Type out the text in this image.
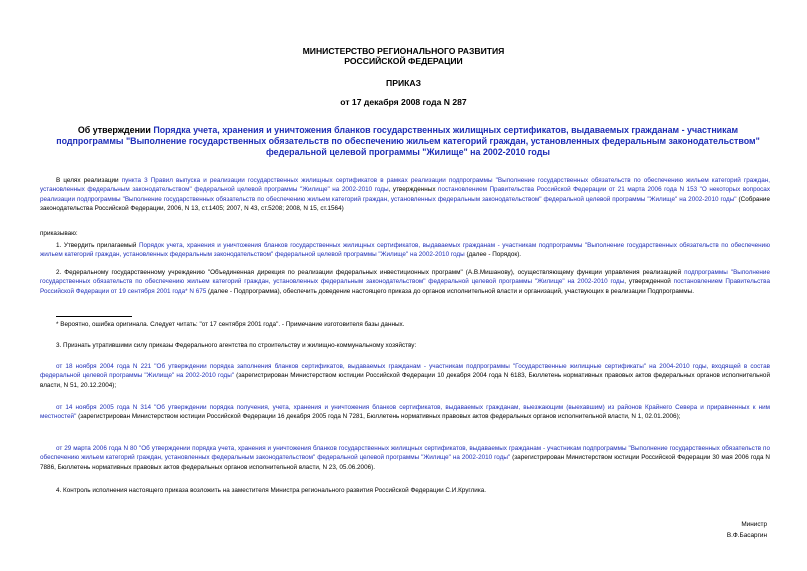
МИНИСТЕРСТВО РЕГИОНАЛЬНОГО РАЗВИТИЯ
РОССИЙСКОЙ ФЕДЕРАЦИИ
ПРИКАЗ
от 17 декабря 2008 года N 287
Об утверждении Порядка учета, хранения и уничтожения бланков государственных жилищных сертификатов, выдаваемых гражданам - участникам подпрограммы "Выполнение государственных обязательств по обеспечению жильем категорий граждан, установленных федеральным законодательством" федеральной целевой программы "Жилище" на 2002-2010 годы
В целях реализации пункта 3 Правил выпуска и реализации государственных жилищных сертификатов в рамках реализации подпрограммы "Выполнение государственных обязательств по обеспечению жильем категорий граждан, установленных федеральным законодательством" федеральной целевой программы "Жилище" на 2002-2010 годы, утвержденных постановлением Правительства Российской Федерации от 21 марта 2006 года N 153 "О некоторых вопросах реализации подпрограммы "Выполнение государственных обязательств по обеспечению жильем категорий граждан, установленных федеральным законодательством" федеральной целевой программы "Жилище" на 2002-2010 годы" (Собрание законодательства Российской Федерации, 2006, N 13, ст.1405; 2007, N 43, ст.5208; 2008, N 15, ст.1564)
приказываю:
1. Утвердить прилагаемый Порядок учета, хранения и уничтожения бланков государственных жилищных сертификатов, выдаваемых гражданам - участникам подпрограммы "Выполнение государственных обязательств по обеспечению жильем категорий граждан, установленных федеральным законодательством" федеральной целевой программы "Жилище" на 2002-2010 годы (далее - Порядок).
2. Федеральному государственному учреждению "Объединенная дирекция по реализации федеральных инвестиционных программ" (А.В.Мишанову), осуществляющему функции управления реализацией подпрограммы "Выполнение государственных обязательств по обеспечению жильем категорий граждан, установленных федеральным законодательством" федеральной целевой программы "Жилище" на 2002-2010 годы, утвержденной постановлением Правительства Российской Федерации от 19 сентября 2001 года* N 675 (далее - Подпрограмма), обеспечить доведение настоящего приказа до органов исполнительной власти и организаций, участвующих в реализации Подпрограммы.
* Вероятно, ошибка оригинала. Следует читать: "от 17 сентября 2001 года". - Примечание изготовителя базы данных.
3. Признать утратившими силу приказы Федерального агентства по строительству и жилищно-коммунальному хозяйству:
от 18 ноября 2004 года N 221 "Об утверждении порядка заполнения бланков сертификатов, выдаваемых гражданам - участникам подпрограммы "Государственные жилищные сертификаты" на 2004-2010 годы, входящей в состав федеральной целевой программы "Жилище" на 2002-2010 годы" (зарегистрирован Министерством юстиции Российской Федерации 10 декабря 2004 года N 6183, Бюллетень нормативных правовых актов федеральных органов исполнительной власти, N 51, 20.12.2004);
от 14 ноября 2005 года N 314 "Об утверждении порядка получения, учета, хранения и уничтожения бланков сертификатов, выдаваемых гражданам, выезжающим (выехавшим) из районов Крайнего Севера и приравненных к ним местностей" (зарегистрирован Министерством юстиции Российской Федерации 16 декабря 2005 года N 7281, Бюллетень нормативных правовых актов федеральных органов исполнительной власти, N 1, 02.01.2006);
от 29 марта 2006 года N 80 "Об утверждении порядка учета, хранения и уничтожения бланков государственных жилищных сертификатов, выдаваемых гражданам - участникам подпрограммы "Выполнение государственных обязательств по обеспечению жильем категорий граждан, установленных федеральным законодательством" федеральной целевой программы "Жилище" на 2002-2010 годы" (зарегистрирован Министерством юстиции Российской Федерации 30 мая 2006 года N 7886, Бюллетень нормативных правовых актов федеральных органов исполнительной власти, N 23, 05.06.2006).
4. Контроль исполнения настоящего приказа возложить на заместителя Министра регионального развития Российской Федерации С.И.Круглика.
Министр
В.Ф.Басаргин
